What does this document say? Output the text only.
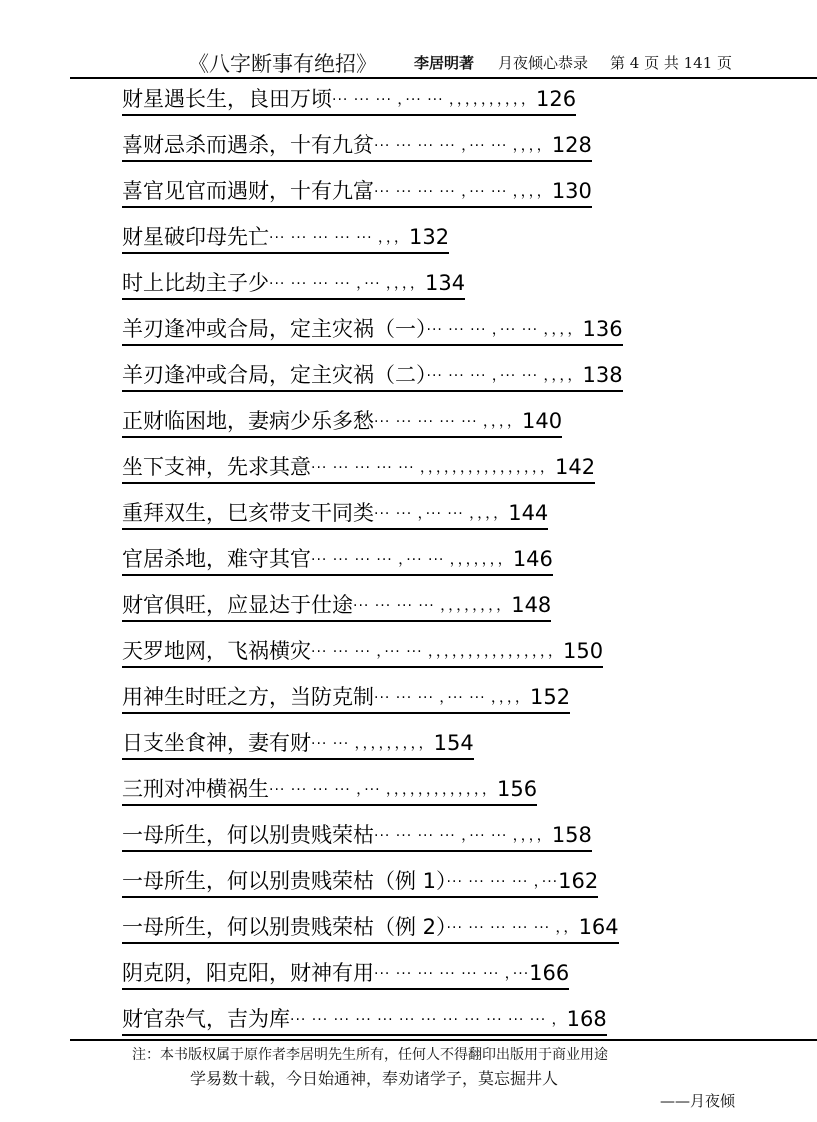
《八字断事有绝招》 李居明著 月夜倾心恭录 第 4 页 共 141 页
财星遇长生，良田万顷··· ··· ··· ，··· ··· ，，，，，，，，，，126
喜财忌杀而遇杀，十有九贫··· ··· ··· ··· ，··· ··· ，，，，128
喜官见官而遇财，十有九富··· ··· ··· ··· ，··· ··· ，，，，130
财星破印母先亡··· ··· ··· ··· ··· ，，，132
时上比劫主子少··· ··· ··· ··· ，··· ，，，，134
羊刃逢冲或合局，定主灾祸（一）··· ··· ··· ，··· ··· ，，，，136
羊刃逢冲或合局，定主灾祸（二）··· ··· ··· ，··· ··· ，，，，138
正财临困地，妻病少乐多愁··· ··· ··· ··· ··· ，，，，140
坐下支神，先求其意··· ··· ··· ··· ··· ，，，，，，，，，，，，，，，，142
重拜双生，巳亥带支干同类··· ··· ，··· ··· ，，，，144
官居杀地，难守其官··· ··· ··· ··· ，··· ··· ，，，，，，，146
财官俱旺，应显达于仕途··· ··· ··· ··· ，，，，，，，，148
天罗地网，飞祸横灾··· ··· ··· ，··· ··· ，，，，，，，，，，，，，，，，150
用神生时旺之方，当防克制··· ··· ··· ，··· ··· ，，，，152
日支坐食神，妻有财··· ··· ，，，，，，，，，154
三刑对冲横祸生··· ··· ··· ··· ，··· ，，，，，，，，，，，，，156
一母所生，何以别贵贱荣枯··· ··· ··· ··· ，··· ··· ，，，，158
一母所生，何以别贵贱荣枯（例 1）··· ··· ··· ··· ，···162
一母所生，何以别贵贱荣枯（例 2）··· ··· ··· ··· ··· ，，164
阴克阴，阳克阳，财神有用··· ··· ··· ··· ··· ··· ，···166
财官杂气，吉为库··· ··· ··· ··· ··· ··· ··· ··· ··· ··· ··· ··· ，168
注：本书版权属于原作者李居明先生所有，任何人不得翻印出版用于商业用途
学易数十载，今日始通神，奉劝诸学子，莫忘掘井人
——月夜倾
